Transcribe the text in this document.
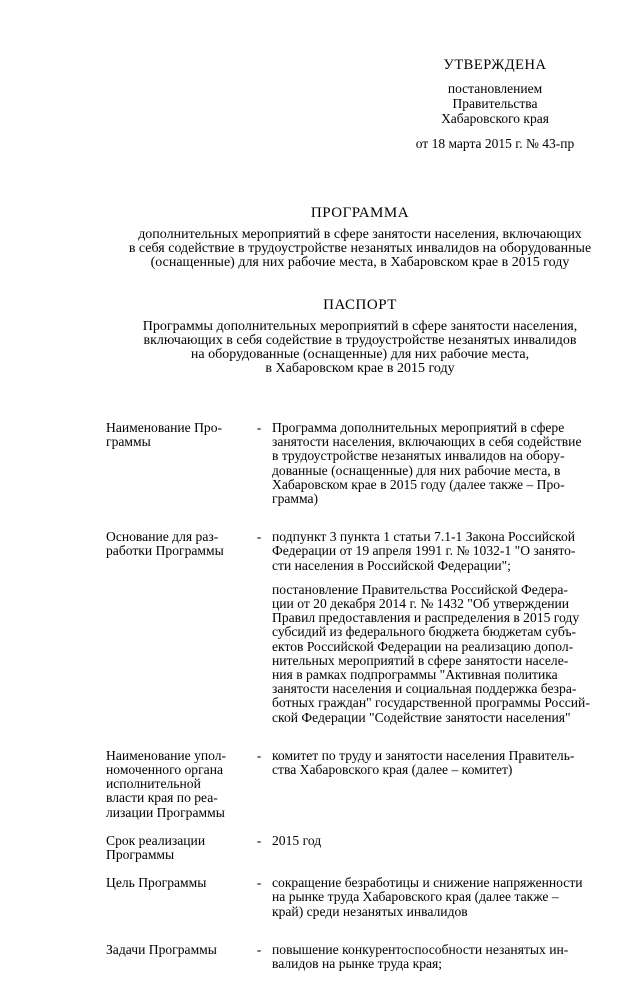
УТВЕРЖДЕНА
постановлением
Правительства
Хабаровского края
от 18 марта 2015 г. № 43-пр
ПРОГРАММА
дополнительных мероприятий в сфере занятости населения, включающих
в себя содействие в трудоустройстве незанятых инвалидов на оборудованные
(оснащенные) для них рабочие места, в Хабаровском крае в 2015 году
ПАСПОРТ
Программы дополнительных мероприятий в сфере занятости населения,
включающих в себя содействие в трудоустройстве незанятых инвалидов
на оборудованные (оснащенные) для них рабочие места,
в Хабаровском крае в 2015 году
Наименование Про-
граммы
- Программа дополнительных мероприятий в сфере
занятости населения, включающих в себя содействие
в трудоустройстве незанятых инвалидов на обору-
дованные (оснащенные) для них рабочие места, в
Хабаровском крае в 2015 году (далее также – Про-
грамма)

Основание для раз-
работки Программы
- подпункт 3 пункта 1 статьи 7.1-1 Закона Российской
Федерации от 19 апреля 1991 г. № 1032-1 "О занято-
сти населения в Российской Федерации";

постановление Правительства Российской Федера-
ции от 20 декабря 2014 г. № 1432 "Об утверждении
Правил предоставления и распределения в 2015 году
субсидий из федерального бюджета бюджетам субъ-
ектов Российской Федерации на реализацию допол-
нительных мероприятий в сфере занятости населе-
ния в рамках подпрограммы "Активная политика
занятости населения и социальная поддержка безра-
ботных граждан" государственной программы Россий-
ской Федерации "Содействие занятости населения"

Наименование упол-
номоченного органа
исполнительной
власти края по реа-
лизации Программы
- комитет по труду и занятости населения Правитель-
ства Хабаровского края (далее – комитет)

Срок реализации
Программы
- 2015 год

Цель Программы	- сокращение безработицы и снижение напряженности
на рынке труда Хабаровского края (далее также –
край) среди незанятых инвалидов

Задачи Программы	- повышение конкурентоспособности незанятых ин-
валидов на рынке труда края;
